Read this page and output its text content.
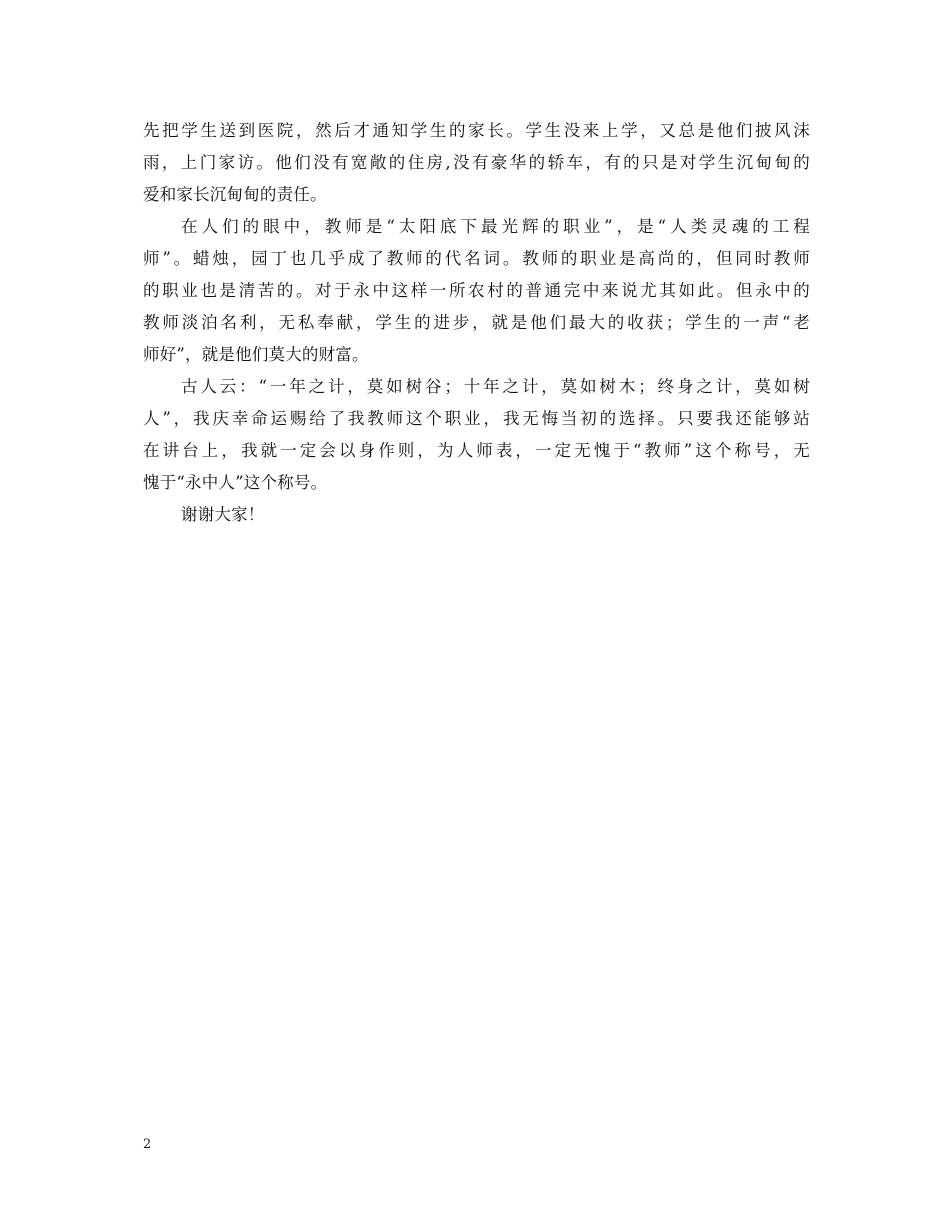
先把学生送到医院，然后才通知学生的家长。学生没来上学，又总是他们披风沫
雨，上门家访。他们没有宽敞的住房,没有豪华的轿车，有的只是对学生沉甸甸的
爱和家长沉甸甸的责任。
在人们的眼中，教师是“太阳底下最光辉的职业”，是“人类灵魂的工程
师”。蜡烛，园丁也几乎成了教师的代名词。教师的职业是高尚的，但同时教师
的职业也是清苦的。对于永中这样一所农村的普通完中来说尤其如此。但永中的
教师淡泊名利，无私奉献，学生的进步，就是他们最大的收获；学生的一声“老
师好”，就是他们莫大的财富。
古人云：“一年之计，莫如树谷；十年之计，莫如树木；终身之计，莫如树
人”，我庆幸命运赐给了我教师这个职业，我无悔当初的选择。只要我还能够站
在讲台上，我就一定会以身作则，为人师表，一定无愧于“教师”这个称号，无
愧于“永中人”这个称号。
谢谢大家！
2
